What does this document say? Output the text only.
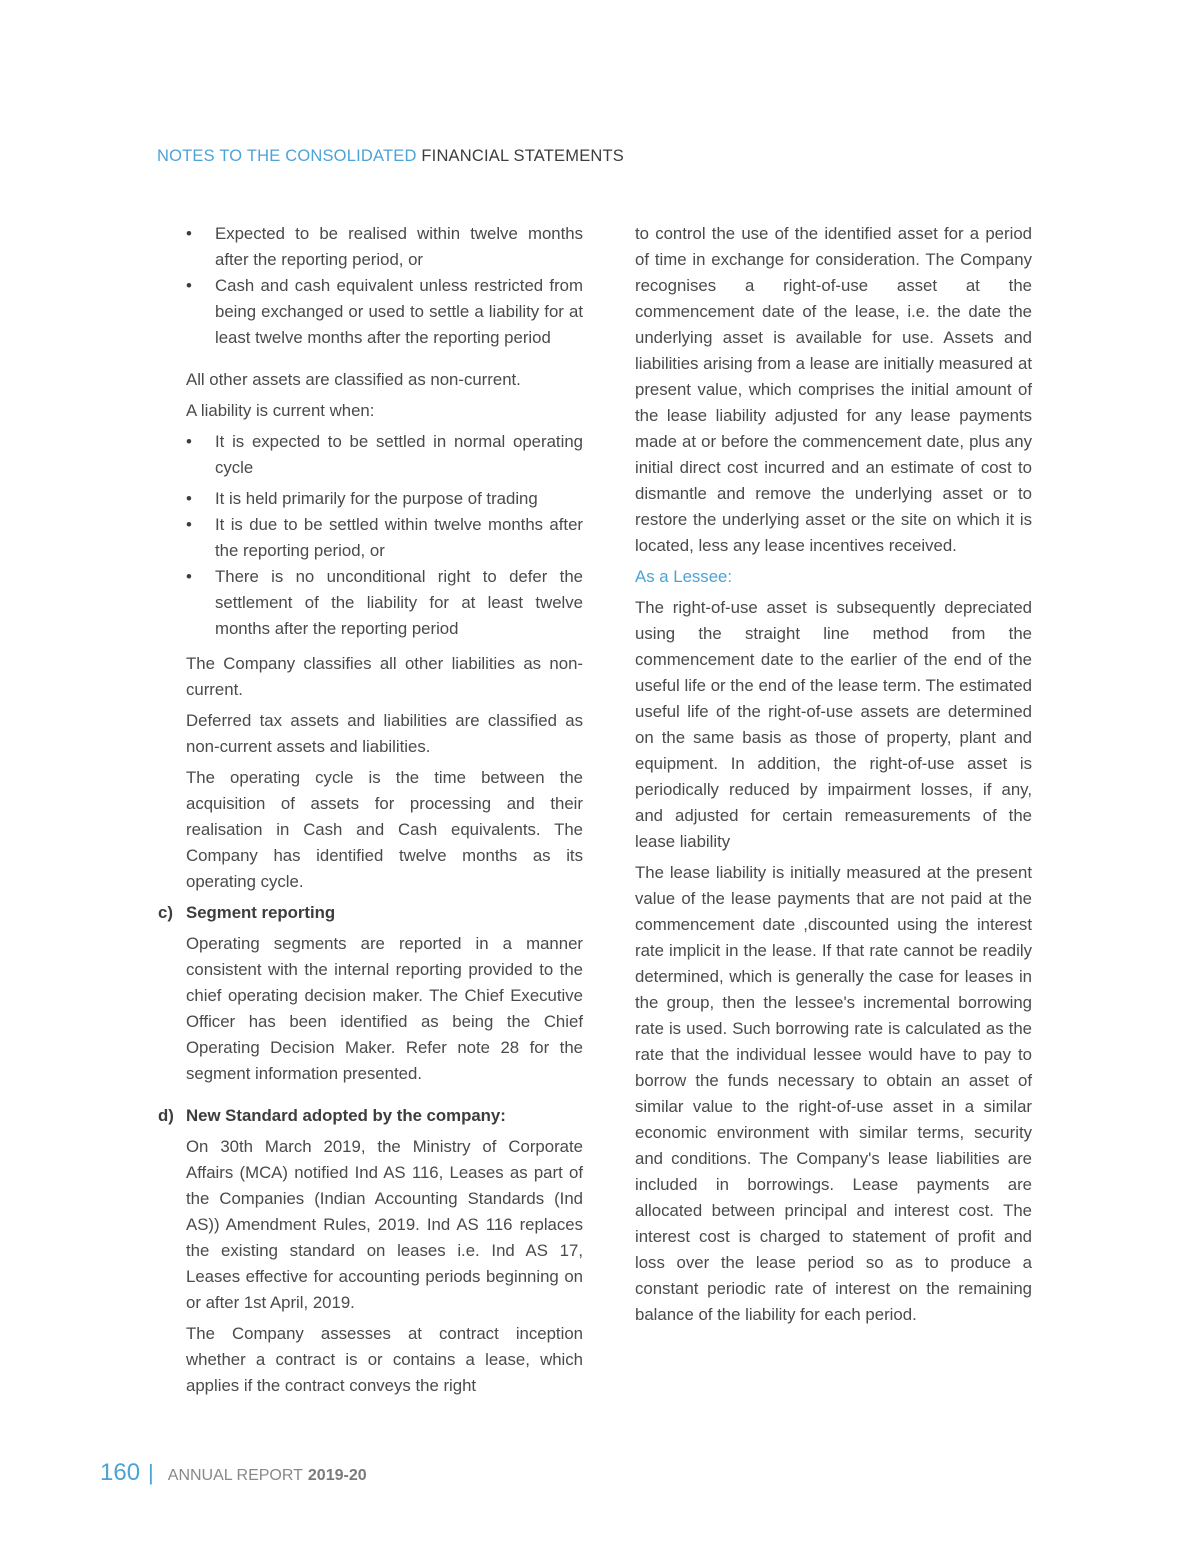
NOTES TO THE CONSOLIDATED FINANCIAL STATEMENTS
• Expected to be realised within twelve months after the reporting period, or
• Cash and cash equivalent unless restricted from being exchanged or used to settle a liability for at least twelve months after the reporting period

All other assets are classified as non-current.

A liability is current when:

• It is expected to be settled in normal operating cycle
• It is held primarily for the purpose of trading
• It is due to be settled within twelve months after the reporting period, or
• There is no unconditional right to defer the settlement of the liability for at least twelve months after the reporting period

The Company classifies all other liabilities as non-current.

Deferred tax assets and liabilities are classified as non-current assets and liabilities.

The operating cycle is the time between the acquisition of assets for processing and their realisation in Cash and Cash equivalents. The Company has identified twelve months as its operating cycle.

c) Segment reporting

Operating segments are reported in a manner consistent with the internal reporting provided to the chief operating decision maker. The Chief Executive Officer has been identified as being the Chief Operating Decision Maker. Refer note 28 for the segment information presented.

d) New Standard adopted by the company:

On 30th March 2019, the Ministry of Corporate Affairs (MCA) notified Ind AS 116, Leases as part of the Companies (Indian Accounting Standards (Ind AS)) Amendment Rules, 2019. Ind AS 116 replaces the existing standard on leases i.e. Ind AS 17, Leases effective for accounting periods beginning on or after 1st April, 2019.

The Company assesses at contract inception whether a contract is or contains a lease, which applies if the contract conveys the right

to control the use of the identified asset for a period of time in exchange for consideration. The Company recognises a right-of-use asset at the commencement date of the lease, i.e. the date the underlying asset is available for use. Assets and liabilities arising from a lease are initially measured at present value, which comprises the initial amount of the lease liability adjusted for any lease payments made at or before the commencement date, plus any initial direct cost incurred and an estimate of cost to dismantle and remove the underlying asset or to restore the underlying asset or the site on which it is located, less any lease incentives received.

As a Lessee:

The right-of-use asset is subsequently depreciated using the straight line method from the commencement date to the earlier of the end of the useful life or the end of the lease term. The estimated useful life of the right-of-use assets are determined on the same basis as those of property, plant and equipment. In addition, the right-of-use asset is periodically reduced by impairment losses, if any, and adjusted for certain remeasurements of the lease liability

The lease liability is initially measured at the present value of the lease payments that are not paid at the commencement date ,discounted using the interest rate implicit in the lease. If that rate cannot be readily determined, which is generally the case for leases in the group, then the lessee's incremental borrowing rate is used. Such borrowing rate is calculated as the rate that the individual lessee would have to pay to borrow the funds necessary to obtain an asset of similar value to the right-of-use asset in a similar economic environment with similar terms, security and conditions. The Company's lease liabilities are included in borrowings. Lease payments are allocated between principal and interest cost. The interest cost is charged to statement of profit and loss over the lease period so as to produce a constant periodic rate of interest on the remaining balance of the liability for each period.

160 | ANNUAL REPORT 2019-20
